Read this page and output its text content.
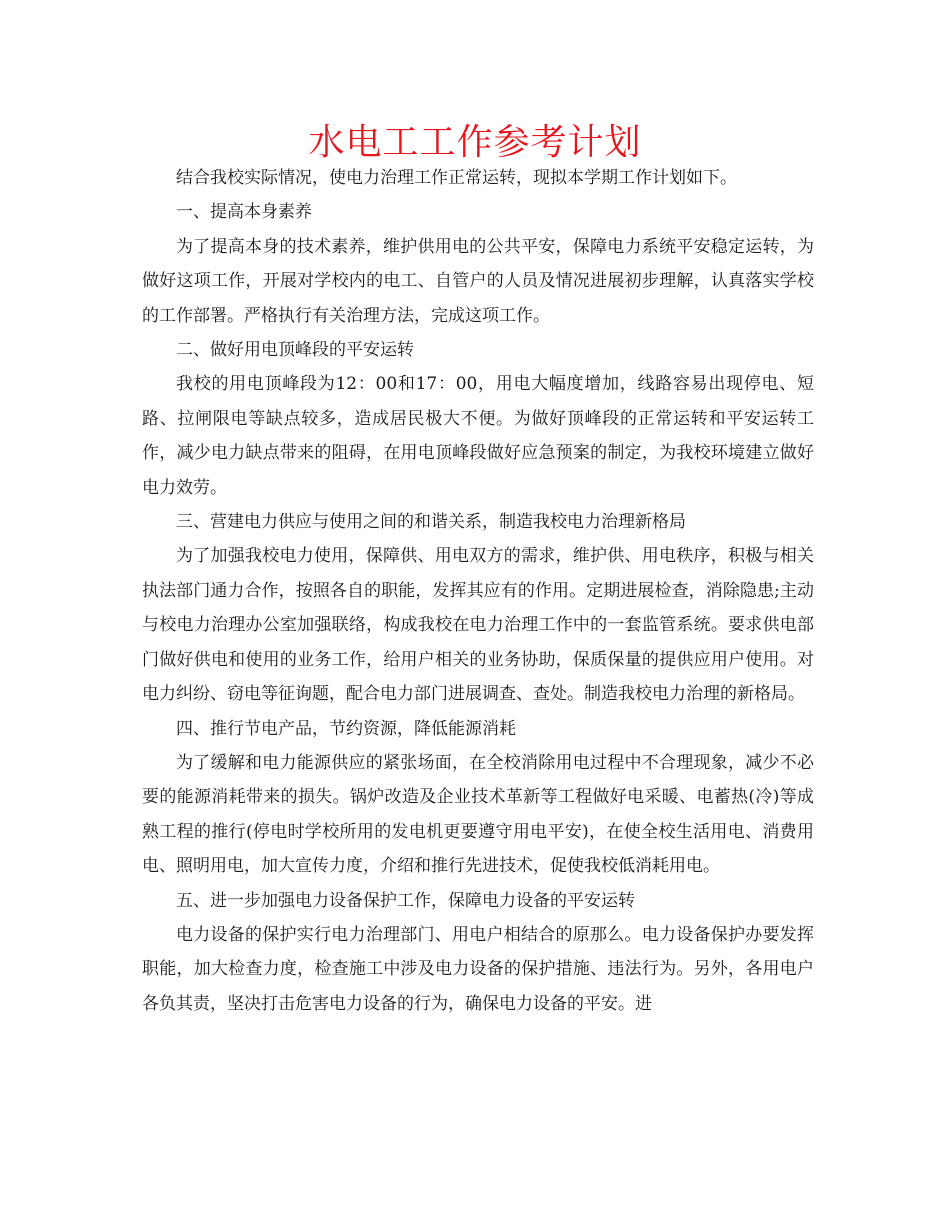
水电工工作参考计划

结合我校实际情况，使电力治理工作正常运转，现拟本学期工作计划如下。

一、提高本身素养

为了提高本身的技术素养，维护供用电的公共平安，保障电力系统平安稳定运转，为做好这项工作，开展对学校内的电工、自管户的人员及情况进展初步理解，认真落实学校的工作部署。严格执行有关治理方法，完成这项工作。

二、做好用电顶峰段的平安运转

我校的用电顶峰段为12：00和17：00，用电大幅度增加，线路容易出现停电、短路、拉闸限电等缺点较多，造成居民极大不便。为做好顶峰段的正常运转和平安运转工作，减少电力缺点带来的阻碍，在用电顶峰段做好应急预案的制定，为我校环境建立做好电力效劳。

三、营建电力供应与使用之间的和谐关系，制造我校电力治理新格局

为了加强我校电力使用，保障供、用电双方的需求，维护供、用电秩序，积极与相关执法部门通力合作，按照各自的职能，发挥其应有的作用。定期进展检查，消除隐患;主动与校电力治理办公室加强联络，构成我校在电力治理工作中的一套监管系统。要求供电部门做好供电和使用的业务工作，给用户相关的业务协助，保质保量的提供应用户使用。对电力纠纷、窃电等征询题，配合电力部门进展调查、查处。制造我校电力治理的新格局。

四、推行节电产品，节约资源，降低能源消耗

为了缓解和电力能源供应的紧张场面，在全校消除用电过程中不合理现象，减少不必要的能源消耗带来的损失。锅炉改造及企业技术革新等工程做好电采暖、电蓄热(冷)等成熟工程的推行(停电时学校所用的发电机更要遵守用电平安)，在使全校生活用电、消费用电、照明用电，加大宣传力度，介绍和推行先进技术，促使我校低消耗用电。

五、进一步加强电力设备保护工作，保障电力设备的平安运转

电力设备的保护实行电力治理部门、用电户相结合的原那么。电力设备保护办要发挥职能，加大检查力度，检查施工中涉及电力设备的保护措施、违法行为。另外，各用电户各负其责，坚决打击危害电力设备的行为，确保电力设备的平安。进
